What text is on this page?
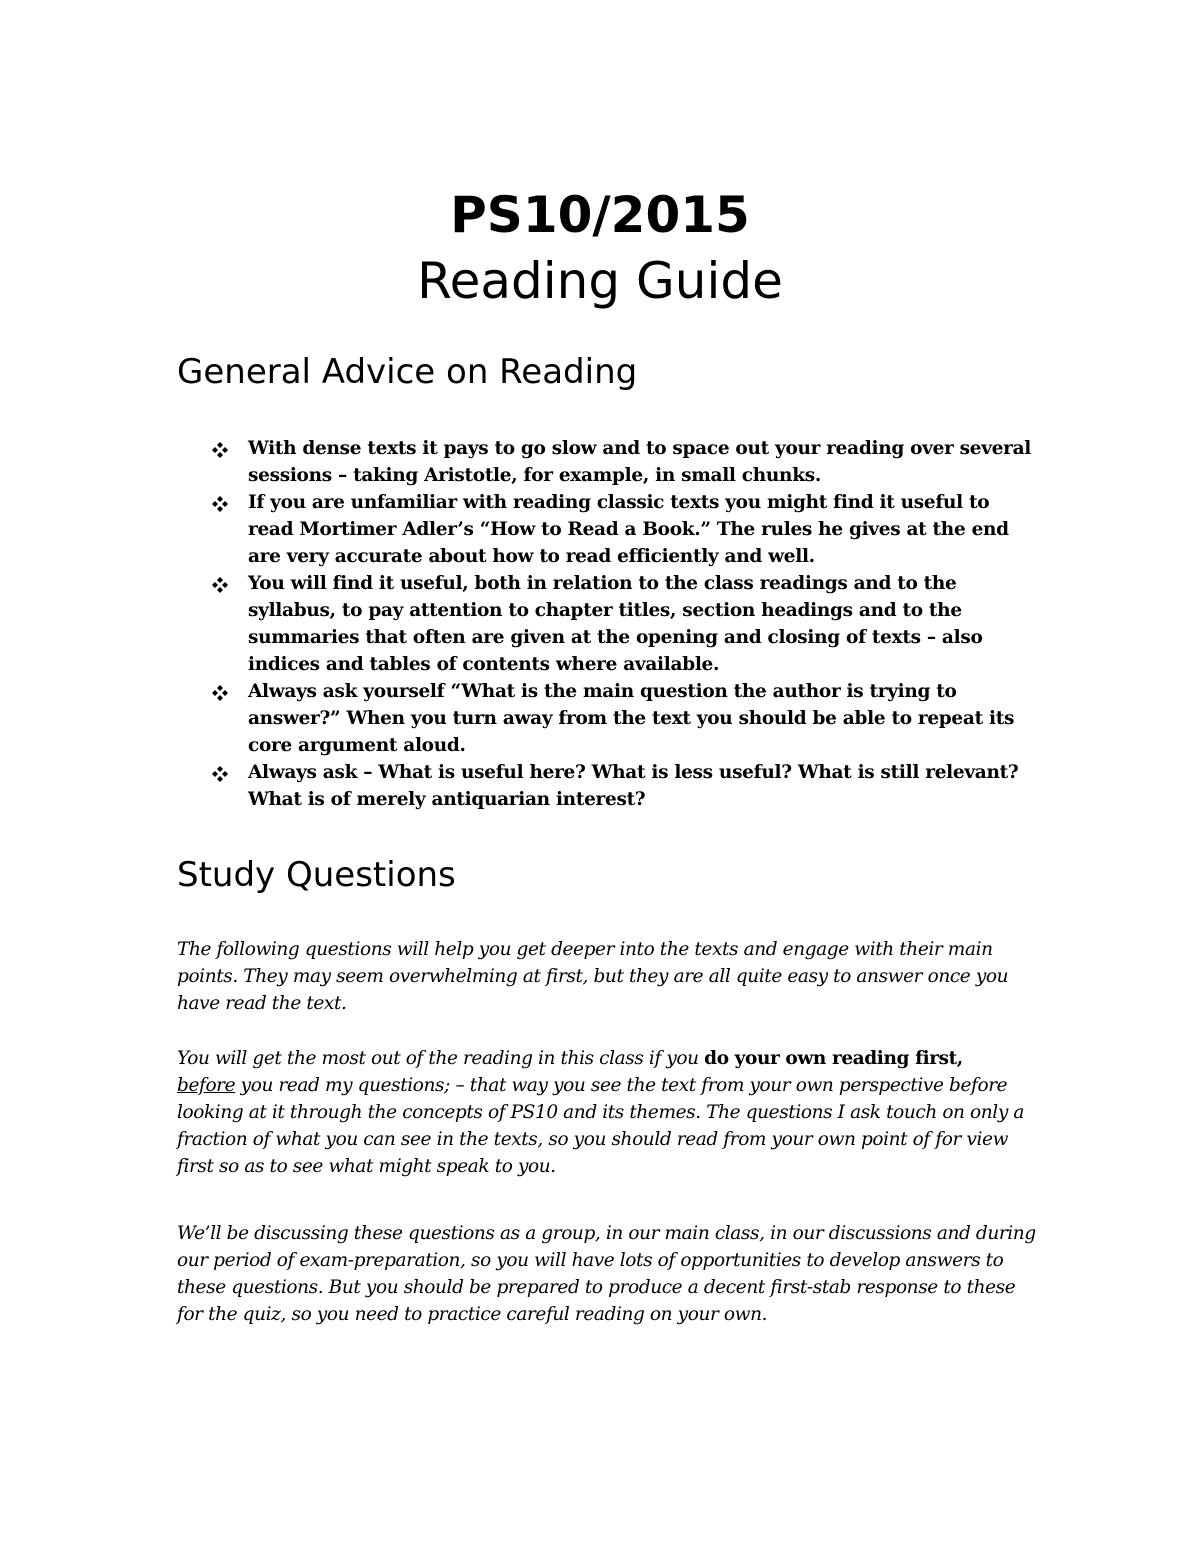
PS10/2015
Reading Guide
General Advice on Reading
With dense texts it pays to go slow and to space out your reading over several sessions – taking Aristotle, for example, in small chunks.
If you are unfamiliar with reading classic texts you might find it useful to read Mortimer Adler’s “How to Read a Book.” The rules he gives at the end are very accurate about how to read efficiently and well.
You will find it useful, both in relation to the class readings and to the syllabus, to pay attention to chapter titles, section headings and to the summaries that often are given at the opening and closing of texts – also indices and tables of contents where available.
Always ask yourself “What is the main question the author is trying to answer?” When you turn away from the text you should be able to repeat its core argument aloud.
Always ask – What is useful here? What is less useful? What is still relevant? What is of merely antiquarian interest?
Study Questions

The following questions will help you get deeper into the texts and engage with their main points. They may seem overwhelming at first, but they are all quite easy to answer once you have read the text.

You will get the most out of the reading in this class if you do your own reading first,
before you read my questions; – that way you see the text from your own perspective before looking at it through the concepts of PS10 and its themes. The questions I ask touch on only a fraction of what you can see in the texts, so you should read from your own point of for view first so as to see what might speak to you.

We’ll be discussing these questions as a group, in our main class, in our discussions and during our period of exam-preparation, so you will have lots of opportunities to develop answers to these questions. But you should be prepared to produce a decent first-stab response to these for the quiz, so you need to practice careful reading on your own.
